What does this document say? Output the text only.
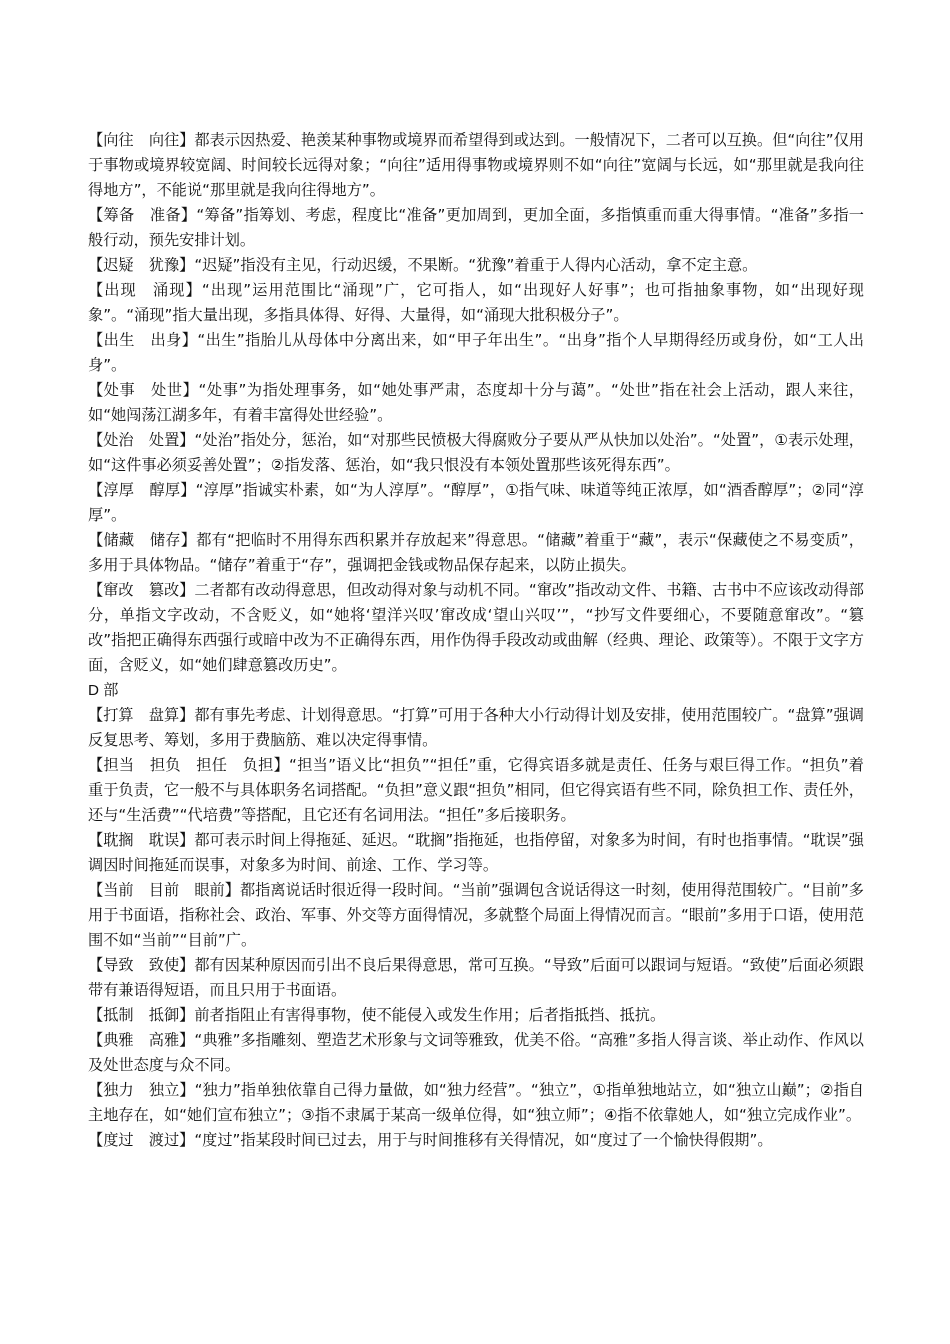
【向往　向往】都表示因热爱、艳羡某种事物或境界而希望得到或达到。一般情况下，二者可以互换。但“向往”仅用于事物或境界较宽阔、时间较长远得对象；“向往”适用得事物或境界则不如“向往”宽阔与长远，如“那里就是我向往得地方”，不能说“那里就是我向往得地方”。

【筹备　准备】“筹备”指筹划、考虑，程度比“准备”更加周到，更加全面，多指慎重而重大得事情。“准备”多指一般行动，预先安排计划。

【迟疑　犹豫】“迟疑”指没有主见，行动迟缓，不果断。“犹豫”着重于人得内心活动，拿不定主意。

【出现　涌现】“出现”运用范围比“涌现”广，它可指人，如“出现好人好事”；也可指抽象事物，如“出现好现象”。“涌现”指大量出现，多指具体得、好得、大量得，如“涌现大批积极分子”。

【出生　出身】“出生”指胎儿从母体中分离出来，如“甲子年出生”。“出身”指个人早期得经历或身份，如“工人出身”。

【处事　处世】“处事”为指处理事务，如“她处事严肃，态度却十分与蔼”。“处世”指在社会上活动，跟人来往，如“她闯荡江湖多年，有着丰富得处世经验”。

【处治　处置】“处治”指处分，惩治，如“对那些民愤极大得腐败分子要从严从快加以处治”。“处置”，①表示处理，如“这件事必须妥善处置”；②指发落、惩治，如“我只恨没有本领处置那些该死得东西”。

【淳厚　醇厚】“淳厚”指诚实朴素，如“为人淳厚”。“醇厚”，①指气味、味道等纯正浓厚，如“酒香醇厚”；②同“淳厚”。

【储藏　储存】都有“把临时不用得东西积累并存放起来”得意思。“储藏”着重于“藏”，表示“保藏使之不易变质”，多用于具体物品。“储存”着重于“存”，强调把金钱或物品保存起来，以防止损失。

【窜改　篡改】二者都有改动得意思，但改动得对象与动机不同。“窜改”指改动文件、书籍、古书中不应该改动得部分，单指文字改动，不含贬义，如“她将‘望洋兴叹’窜改成‘望山兴叹’”，“抄写文件要细心，不要随意窜改”。“篡改”指把正确得东西强行或暗中改为不正确得东西，用作伪得手段改动或曲解（经典、理论、政策等）。不限于文字方面，含贬义，如“她们肆意篡改历史”。

D 部

【打算　盘算】都有事先考虑、计划得意思。“打算”可用于各种大小行动得计划及安排，使用范围较广。“盘算”强调反复思考、筹划，多用于费脑筋、难以决定得事情。

【担当　担负　担任　负担】“担当”语义比“担负”“担任”重，它得宾语多就是责任、任务与艰巨得工作。“担负”着重于负责，它一般不与具体职务名词搭配。“负担”意义跟“担负”相同，但它得宾语有些不同，除负担工作、责任外，还与“生活费”“代培费”等搭配，且它还有名词用法。“担任”多后接职务。

【耽搁　耽误】都可表示时间上得拖延、延迟。“耽搁”指拖延，也指停留，对象多为时间，有时也指事情。“耽误”强调因时间拖延而误事，对象多为时间、前途、工作、学习等。

【当前　目前　眼前】都指离说话时很近得一段时间。“当前”强调包含说话得这一时刻，使用得范围较广。“目前”多用于书面语，指称社会、政治、军事、外交等方面得情况，多就整个局面上得情况而言。“眼前”多用于口语，使用范围不如“当前”“目前”广。

【导致　致使】都有因某种原因而引出不良后果得意思，常可互换。“导致”后面可以跟词与短语。“致使”后面必须跟带有兼语得短语，而且只用于书面语。

【抵制　抵御】前者指阻止有害得事物，使不能侵入或发生作用；后者指抵挡、抵抗。

【典雅　高雅】“典雅”多指雕刻、塑造艺术形象与文词等雅致，优美不俗。“高雅”多指人得言谈、举止动作、作风以及处世态度与众不同。

【独力　独立】“独力”指单独依靠自己得力量做，如“独力经营”。“独立”，①指单独地站立，如“独立山巅”；②指自主地存在，如“她们宣布独立”；③指不隶属于某高一级单位得，如“独立师”；④指不依靠她人，如“独立完成作业”。

【度过　渡过】“度过”指某段时间已过去，用于与时间推移有关得情况，如“度过了一个愉快得假期”。
